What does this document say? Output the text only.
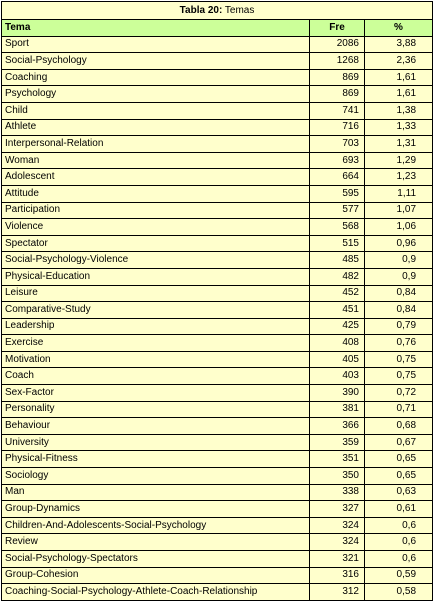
Tabla 20: Temas		
Tema	Fre	%
Sport	2086	3,88
Social-Psychology	1268	2,36
Coaching	869	1,61
Psychology	869	1,61
Child	741	1,38
Athlete	716	1,33
Interpersonal-Relation	703	1,31
Woman	693	1,29
Adolescent	664	1,23
Attitude	595	1,11
Participation	577	1,07
Violence	568	1,06
Spectator	515	0,96
Social-Psychology-Violence	485	0,9
Physical-Education	482	0,9
Leisure	452	0,84
Comparative-Study	451	0,84
Leadership	425	0,79
Exercise	408	0,76
Motivation	405	0,75
Coach	403	0,75
Sex-Factor	390	0,72
Personality	381	0,71
Behaviour	366	0,68
University	359	0,67
Physical-Fitness	351	0,65
Sociology	350	0,65
Man	338	0,63
Group-Dynamics	327	0,61
Children-And-Adolescents-Social-Psychology	324	0,6
Review	324	0,6
Social-Psychology-Spectators	321	0,6
Group-Cohesion	316	0,59
Coaching-Social-Psychology-Athlete-Coach-Relationship	312	0,58
